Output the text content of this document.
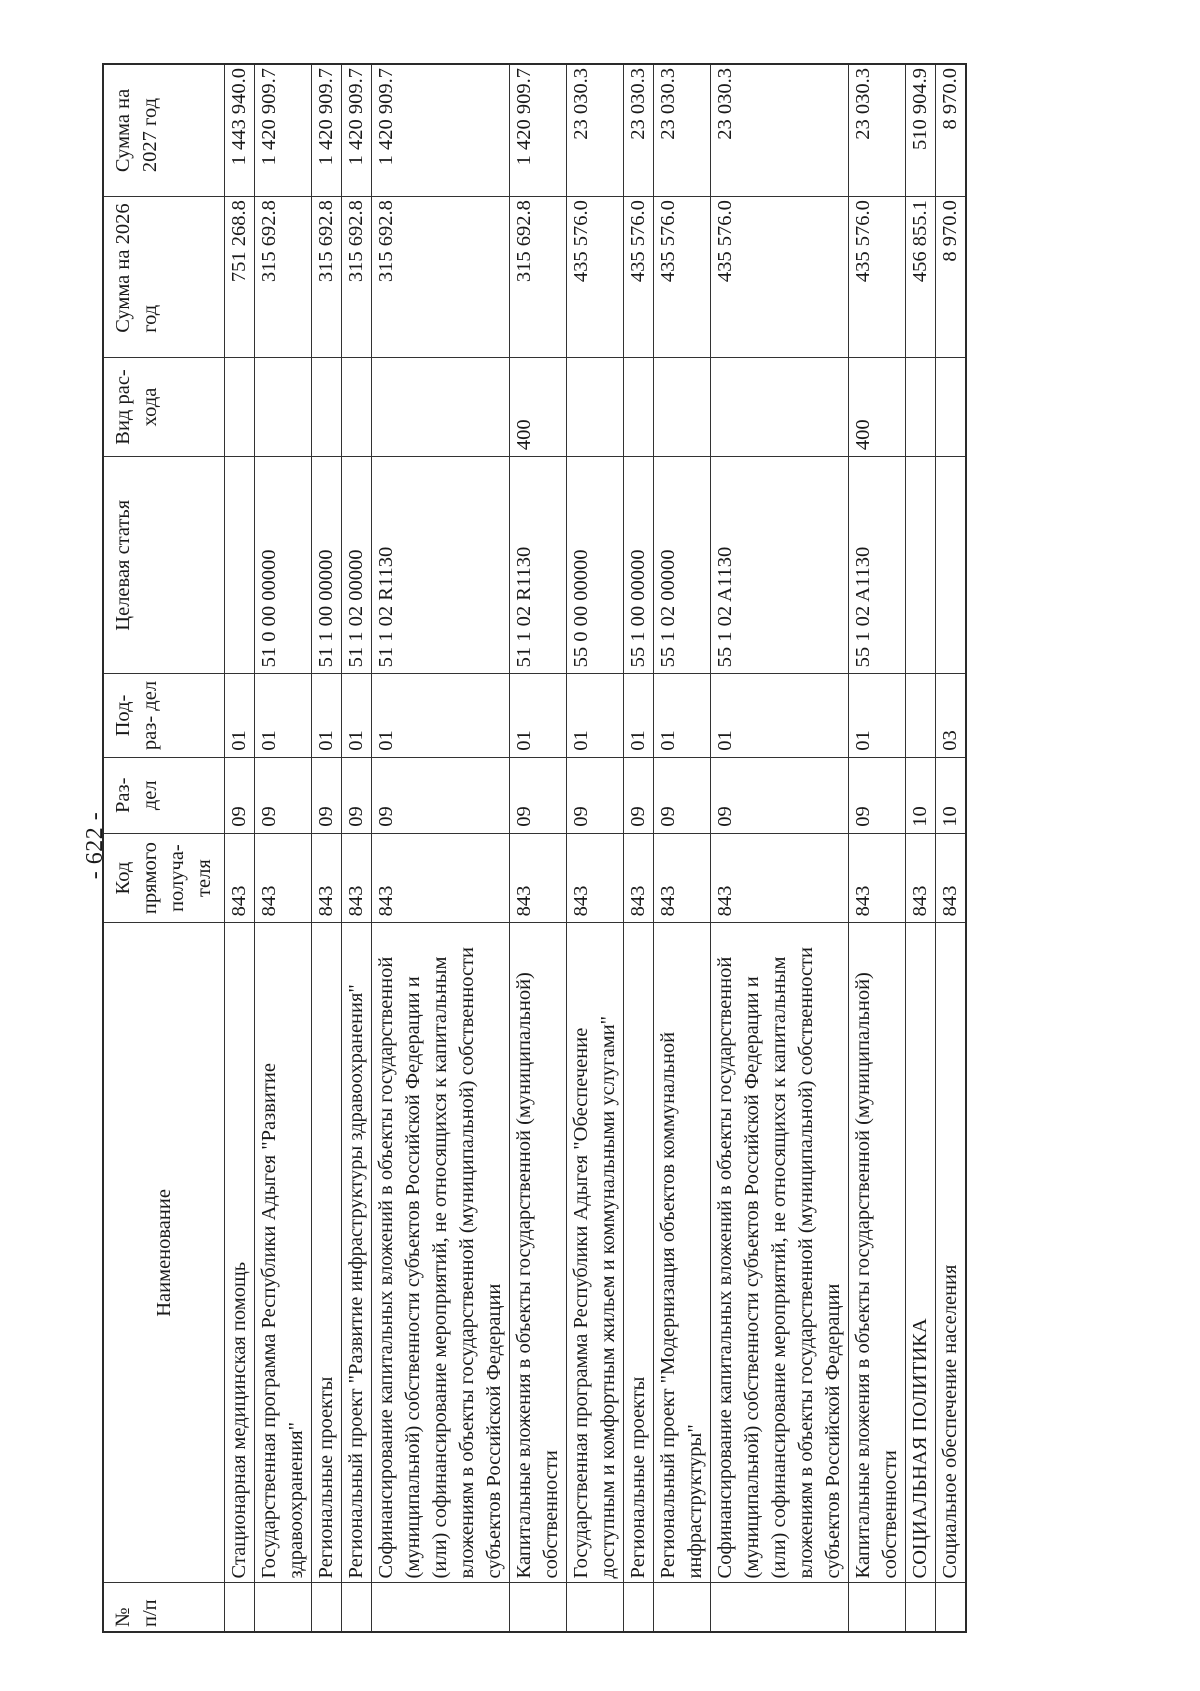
- 622 -
№ п/п	Наименование	Код прямого получа- теля	Раз- дел	Под- раз- дел	Целевая статья	Вид рас- хода	Сумма на 2026 год	Сумма на 2027 год
	Стационарная медицинская помощь	843	09	01			751 268.8	1 443 940.0
	Государственная программа Республики Адыгея "Развитие здравоохранения"	843	09	01	51 0 00 00000		315 692.8	1 420 909.7
	Региональные проекты	843	09	01	51 1 00 00000		315 692.8	1 420 909.7
	Региональный проект "Развитие инфраструктуры здравоохранения"	843	09	01	51 1 02 00000		315 692.8	1 420 909.7
	Софинансирование капитальных вложений в объекты государственной (муниципальной) собственности субъектов Российской Федерации и (или) софинансирование мероприятий, не относящихся к капитальным вложениям в объекты государственной (муниципальной) собственности субъектов Российской Федерации	843	09	01	51 1 02 R1130		315 692.8	1 420 909.7
	Капитальные вложения в объекты государственной (муниципальной) собственности	843	09	01	51 1 02 R1130	400	315 692.8	1 420 909.7
	Государственная программа Республики Адыгея "Обеспечение доступным и комфортным жильем и коммунальными услугами"	843	09	01	55 0 00 00000		435 576.0	23 030.3
	Региональные проекты	843	09	01	55 1 00 00000		435 576.0	23 030.3
	Региональный проект "Модернизация объектов коммунальной инфраструктуры"	843	09	01	55 1 02 00000		435 576.0	23 030.3
	Софинансирование капитальных вложений в объекты государственной (муниципальной) собственности субъектов Российской Федерации и (или) софинансирование мероприятий, не относящихся к капитальным вложениям в объекты государственной (муниципальной) собственности субъектов Российской Федерации	843	09	01	55 1 02 A1130		435 576.0	23 030.3
	Капитальные вложения в объекты государственной (муниципальной) собственности	843	09	01	55 1 02 A1130	400	435 576.0	23 030.3
	СОЦИАЛЬНАЯ ПОЛИТИКА	843	10				456 855.1	510 904.9
	Социальное обеспечение населения	843	10	03			8 970.0	8 970.0
